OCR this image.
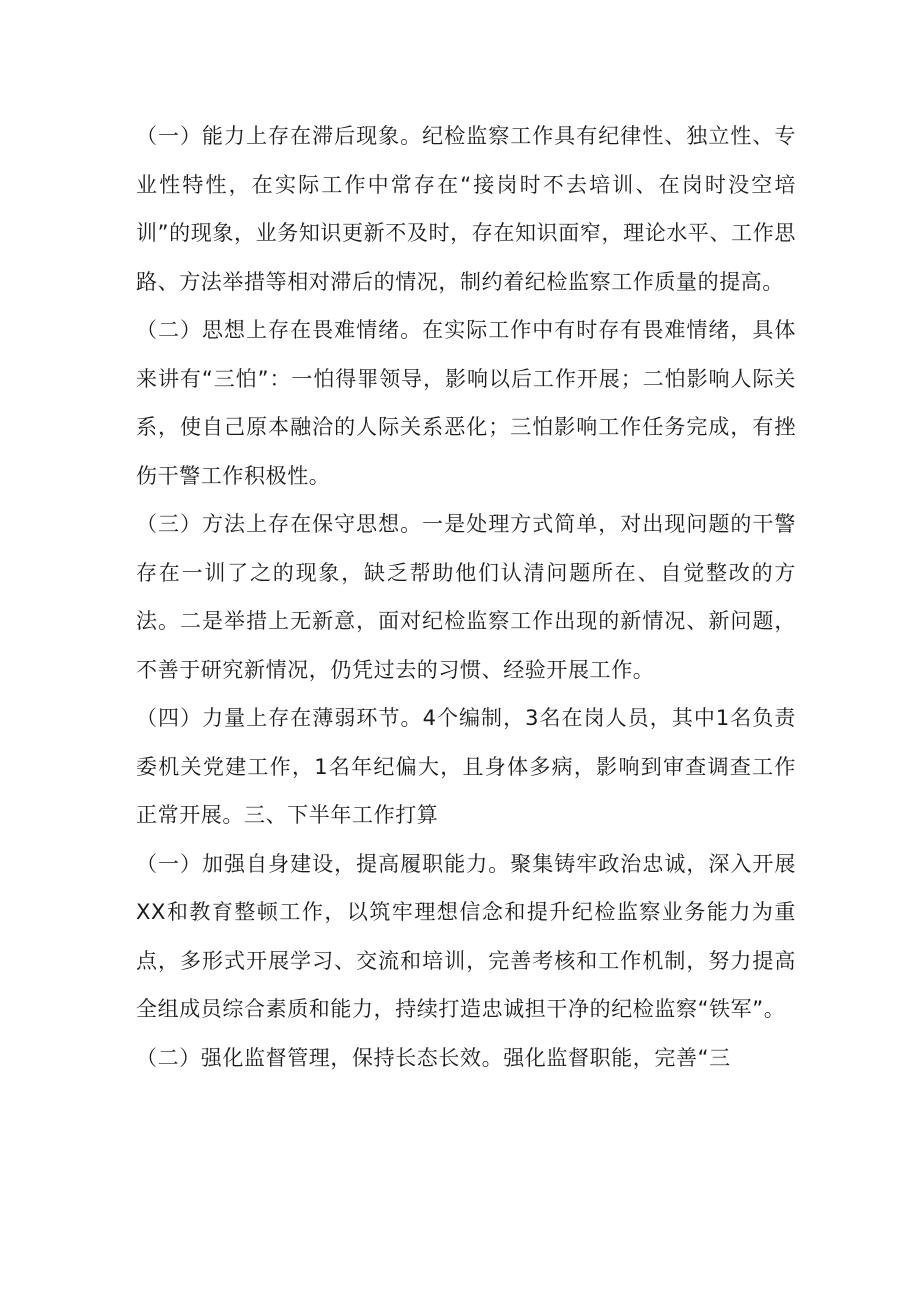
（一）能力上存在滞后现象。纪检监察工作具有纪律性、独立性、专业性特性，在实际工作中常存在“接岗时不去培训、在岗时没空培训”的现象，业务知识更新不及时，存在知识面窄，理论水平、工作思路、方法举措等相对滞后的情况，制约着纪检监察工作质量的提高。

（二）思想上存在畏难情绪。在实际工作中有时存有畏难情绪，具体来讲有“三怕”：一怕得罪领导，影响以后工作开展；二怕影响人际关系，使自己原本融洽的人际关系恶化；三怕影响工作任务完成，有挫伤干警工作积极性。

（三）方法上存在保守思想。一是处理方式简单，对出现问题的干警存在一训了之的现象，缺乏帮助他们认清问题所在、自觉整改的方法。二是举措上无新意，面对纪检监察工作出现的新情况、新问题，不善于研究新情况，仍凭过去的习惯、经验开展工作。

（四）力量上存在薄弱环节。4个编制，3名在岗人员，其中1名负责委机关党建工作，1名年纪偏大，且身体多病，影响到审查调查工作正常开展。三、下半年工作打算

（一）加强自身建设，提高履职能力。聚集铸牢政治忠诚，深入开展XX和教育整顿工作，以筑牢理想信念和提升纪检监察业务能力为重点，多形式开展学习、交流和培训，完善考核和工作机制，努力提高全组成员综合素质和能力，持续打造忠诚担干净的纪检监察“铁军”。

（二）强化监督管理，保持长态长效。强化监督职能，完善“三
